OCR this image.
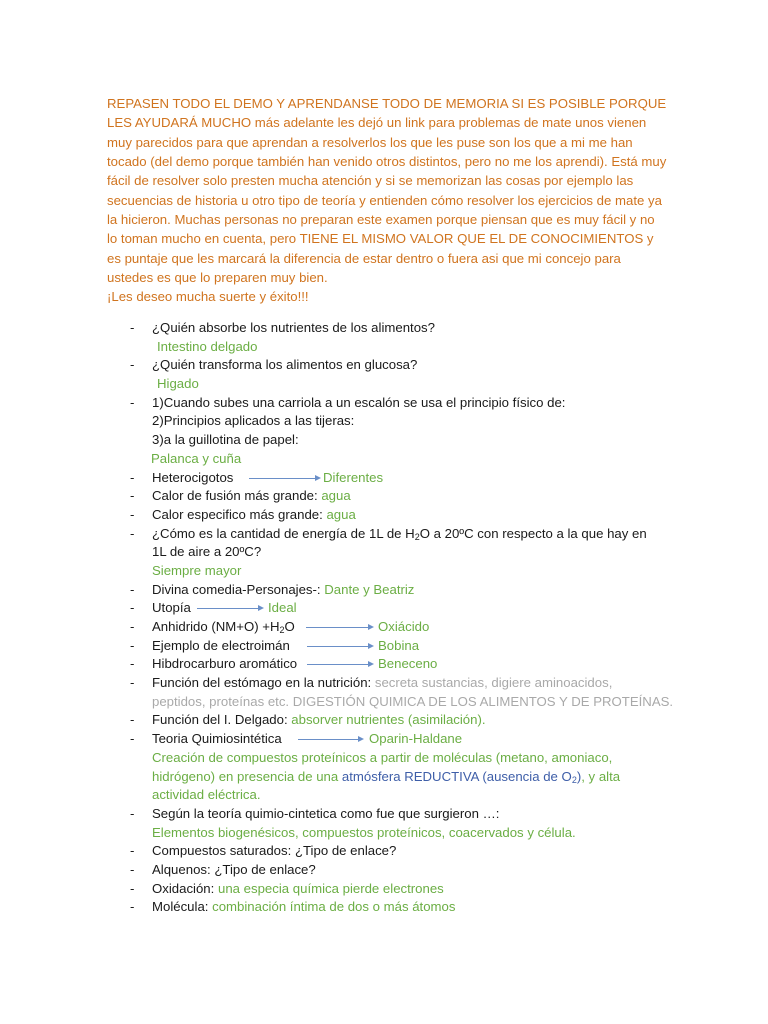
REPASEN TODO EL DEMO Y APRENDANSE TODO DE MEMORIA SI ES POSIBLE PORQUE LES AYUDARÁ MUCHO más adelante les dejó un link para problemas de mate unos vienen muy parecidos para que aprendan a resolverlos los que les puse son los que a mi me han tocado (del demo porque también han venido otros distintos, pero no me los aprendi). Está muy fácil de resolver solo presten mucha atención y si se memorizan las cosas por ejemplo las secuencias de historia u otro tipo de teoría y entienden cómo resolver los ejercicios de mate ya la hicieron. Muchas personas no preparan este examen porque piensan que es muy fácil y no lo toman mucho en cuenta, pero TIENE EL MISMO VALOR QUE EL DE CONOCIMIENTOS y es puntaje que les marcará la diferencia de estar dentro o fuera asi que mi concejo para ustedes es que lo preparen muy bien.

¡Les deseo mucha suerte y éxito!!!

- ¿Quién absorbe los nutrientes de los alimentos?
Intestino delgado
- ¿Quién transforma los alimentos en glucosa?
Higado
- 1)Cuando subes una carriola a un escalón se usa el principio físico de:
2)Principios aplicados a las tijeras:
3)a la guillotina de papel:
Palanca y cuña
- Heterocigotos	Diferentes
- Calor de fusión más grande: agua
- Calor especifico más grande: agua
- ¿Cómo es la cantidad de energía de 1L de $H_2O$ a 20ºC con respecto a la que hay en
1L de aire a 20ºC?
Siempre mayor
- Divina comedia-Personajes-: Dante y Beatriz
- Utopía	Ideal
- Anhidrido $(NM+O) +H_2O$	Oxiácido
- Ejemplo de electroimán	Bobina
- Hibdrocarburo aromático	Beneceno
- Función del estómago en la nutrición: secreta sustancias, digiere aminoacidos,
peptidos, proteínas etc. DIGESTIÓN QUIMICA DE LOS ALIMENTOS Y DE PROTEÍNAS.
- Función del I. Delgado: absorver nutrientes (asimilación).
- Teoria Quimiosintética	Oparin-Haldane
Creación de compuestos proteínicos a partir de moléculas (metano, amoniaco,
hidrógeno) en presencia de una atmósfera REDUCTIVA (ausencia de $O_2$), y alta
actividad eléctrica.
- Según la teoría quimio-cintetica como fue que surgieron …:
Elementos biogenésicos, compuestos proteínicos, coacervados y célula.
- Compuestos saturados: ¿Tipo de enlace?
- Alquenos: ¿Tipo de enlace?
- Oxidación: una especia química pierde electrones
- Molécula: combinación íntima de dos o más átomos
